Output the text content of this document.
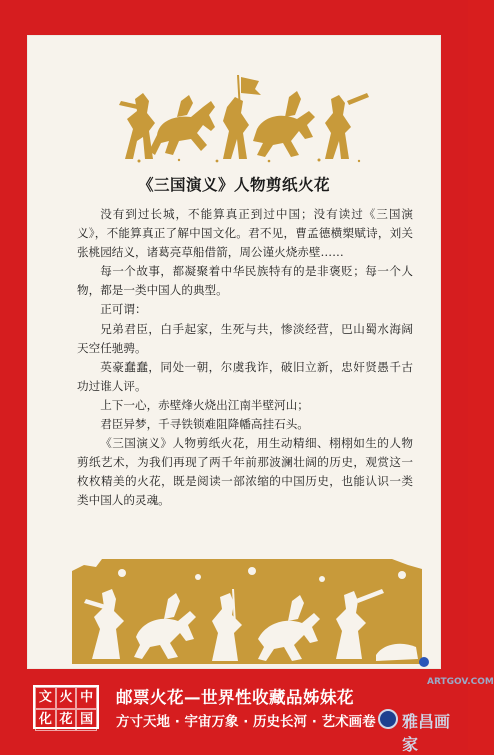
《三国演义》人物剪纸火花

没有到过长城，不能算真正到过中国；没有读过《三国演义》，不能算真正了解中国文化。君不见，曹孟德横槊赋诗，刘关张桃园结义，诸葛亮草船借箭，周公谨火烧赤壁……

每一个故事，都凝聚着中华民族特有的是非褒贬；每一个人物，都是一类中国人的典型。

正可谓：

兄弟君臣，白手起家，生死与共，惨淡经营，巴山蜀水海阔天空任驰骋。

英豪蠢蠢，同处一朝，尔虞我诈，破旧立新，忠奸贤愚千古功过谁人评。

上下一心，赤壁烽火烧出江南半壁河山；

君臣异梦，千寻铁锁难阻降幡高挂石头。

《三国演义》人物剪纸火花，用生动精细、栩栩如生的人物剪纸艺术，为我们再现了两千年前那波澜壮阔的历史，观赏这一枚枚精美的火花，既是阅读一部浓缩的中国历史，也能认识一类类中国人的灵魂。

ARTGOV.COM
文 火 中
化 花 国
邮票火花—世界性收藏品姊妹花
方寸天地 · 宇宙万象 · 历史长河 · 艺术画卷 雅昌画家
